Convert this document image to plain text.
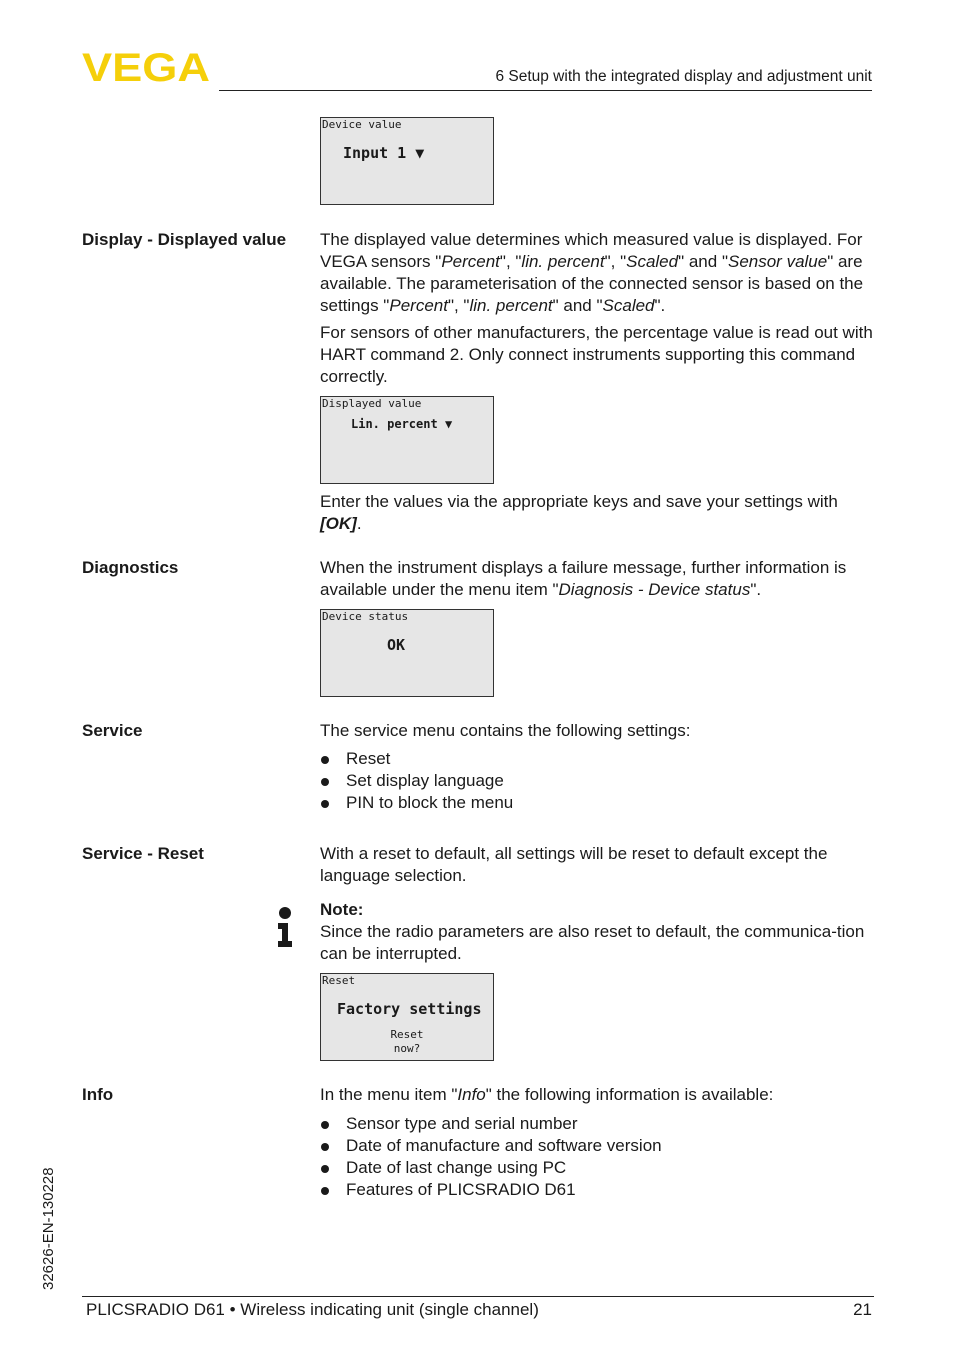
VEGA	6 Setup with the integrated display and adjustment unit
Device value
Input 1 ▼
Display - Displayed value The displayed value determines which measured value is displayed. For VEGA sensors "Percent", "lin. percent", "Scaled" and "Sensor value" are available. The parameterisation of the connected sensor is based on the settings "Percent", "lin. percent" and "Scaled".

For sensors of other manufacturers, the percentage value is read out with HART command 2. Only connect instruments supporting this command correctly.

Displayed value
Lin. percent ▼

Enter the values via the appropriate keys and save your settings with [OK].

Diagnostics	When the instrument displays a failure message, further information is available under the menu item "Diagnosis - Device status".

Device status
OK
Service	The service menu contains the following settings:

Reset
Set display language
PIN to block the menu
Service - Reset	With a reset to default, all settings will be reset to default except the language selection.

Note:

Since the radio parameters are also reset to default, the communica-tion can be interrupted.

Reset
Factory settings
Reset
now?
Info	In the menu item "Info" the following information is available:

Sensor type and serial number
Date of manufacture and software version
Date of last change using PC
Features of PLICSRADIO D61
32626-EN-130228
PLICSRADIO D61 • Wireless indicating unit (single channel)	21
